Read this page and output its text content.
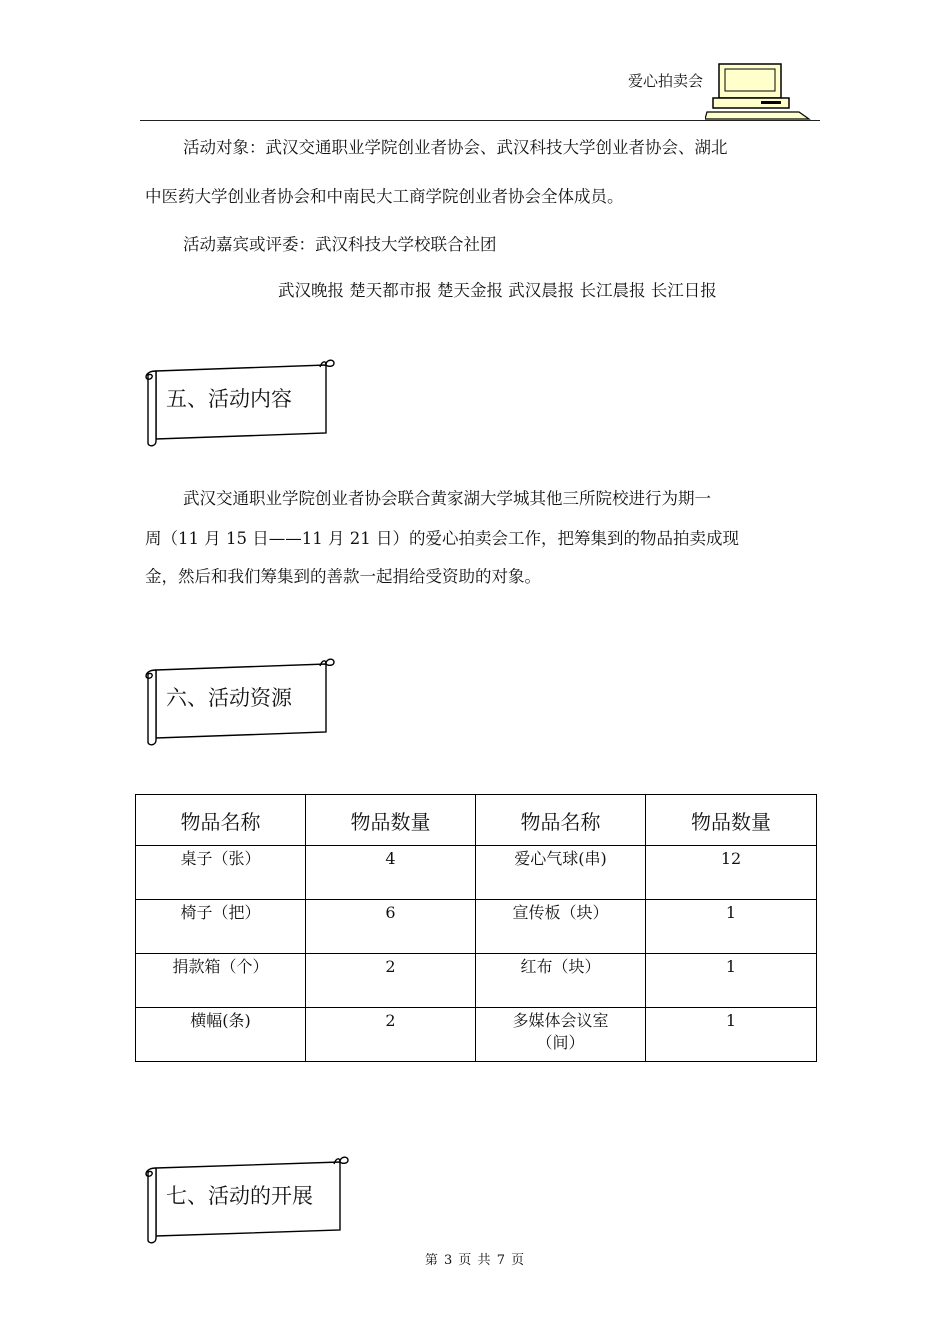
爱心拍卖会
活动对象：武汉交通职业学院创业者协会、武汉科技大学创业者协会、湖北
中医药大学创业者协会和中南民大工商学院创业者协会全体成员。
活动嘉宾或评委：武汉科技大学校联合社团
武汉晚报 楚天都市报 楚天金报 武汉晨报 长江晨报 长江日报
五、活动内容
武汉交通职业学院创业者协会联合黄家湖大学城其他三所院校进行为期一
周（11 月 15 日——11 月 21 日）的爱心拍卖会工作，把筹集到的物品拍卖成现
金，然后和我们筹集到的善款一起捐给受资助的对象。
六、活动资源
物品名称	物品数量	物品名称	物品数量
桌子（张）	4	爱心气球(串)	12
椅子（把）	6	宣传板（块）	1
捐款箱（个）	2	红布（块）	1
横幅(条)	2	多媒体会议室（间）	1
七、活动的开展
第 3 页 共 7 页
